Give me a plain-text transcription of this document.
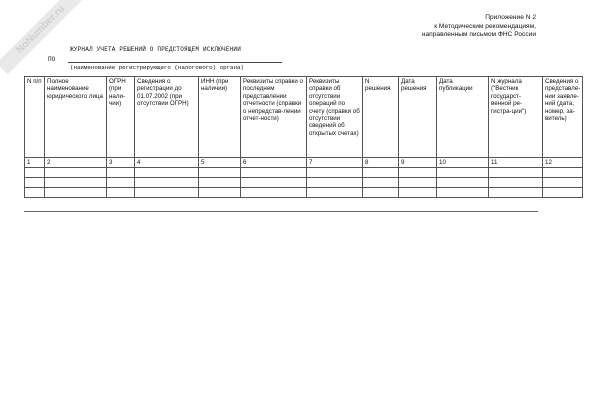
NoNumber.ru	Приложение N 2
к Методическим рекомендациям,
направленным письмом ФНС России
ЖУРНАЛ УЧЕТА РЕШЕНИЙ О ПРЕДСТОЯЩЕМ ИСКЛЮЧЕНИИ
ПО
(наименование регистрирующего (налогового) органа)
N п/п	Полное наименование юридического лица	ОГРН (при нали-чии)	Сведения о регистрации до 01.07.2002 (при отсутствии ОГРН)	ИНН (при наличии)	Реквизиты справки о последнем представлении отчетности (справки о непредстав-лении отчет-ности)	Реквизиты справки об отсутствии операций по счету (справки об отсутствии сведений об открытых счетах)	N решения	Дата решения	Дата публикации	N журнала ("Вестник государст-венной ре-гистра-ции")	Сведения о представле-нии заявле-ний (дата, номер, за-витель)
1	2	3	4	5	6	7	8	9	10	11	12
